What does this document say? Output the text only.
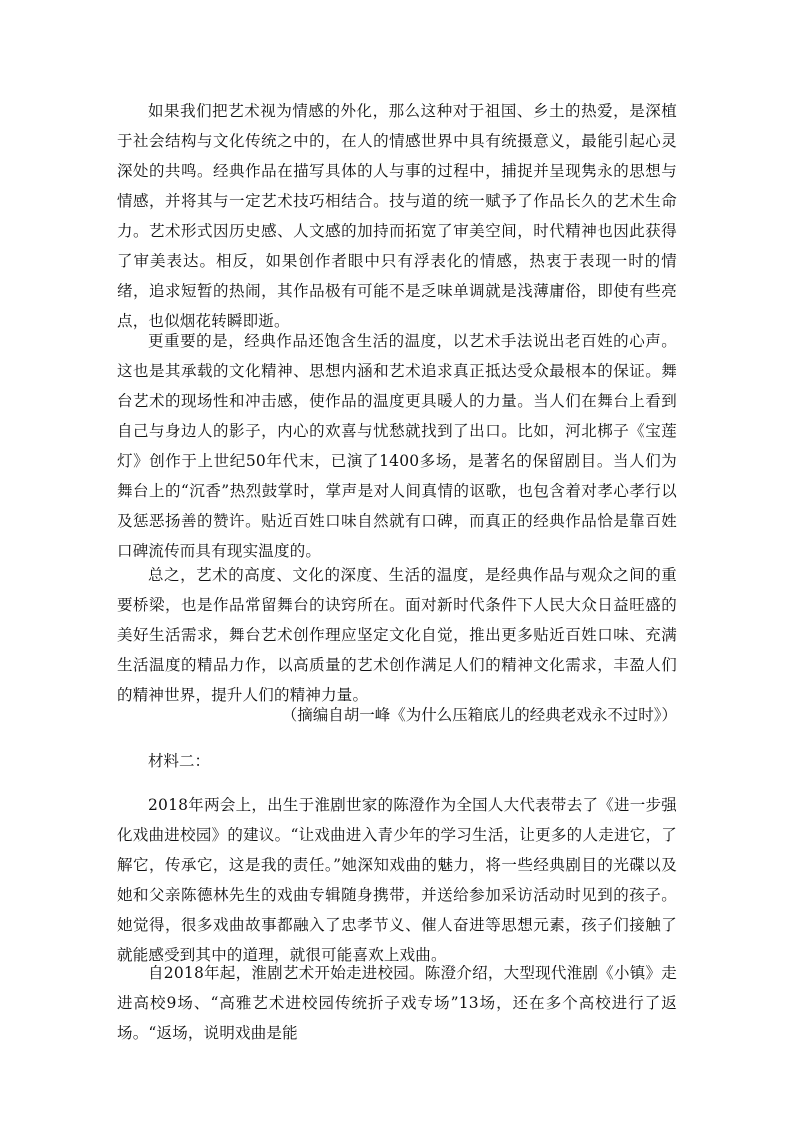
如果我们把艺术视为情感的外化，那么这种对于祖国、乡土的热爱，是深植于社会结构与文化传统之中的，在人的情感世界中具有统摄意义，最能引起心灵深处的共鸣。经典作品在描写具体的人与事的过程中，捕捉并呈现隽永的思想与情感，并将其与一定艺术技巧相结合。技与道的统一赋予了作品长久的艺术生命力。艺术形式因历史感、人文感的加持而拓宽了审美空间，时代精神也因此获得了审美表达。相反，如果创作者眼中只有浮表化的情感，热衷于表现一时的情绪，追求短暂的热闹，其作品极有可能不是乏味单调就是浅薄庸俗，即使有些亮点，也似烟花转瞬即逝。

更重要的是，经典作品还饱含生活的温度，以艺术手法说出老百姓的心声。这也是其承载的文化精神、思想内涵和艺术追求真正抵达受众最根本的保证。舞台艺术的现场性和冲击感，使作品的温度更具暖人的力量。当人们在舞台上看到自己与身边人的影子，内心的欢喜与忧愁就找到了出口。比如，河北梆子《宝莲灯》创作于上世纪50年代末，已演了1400多场，是著名的保留剧目。当人们为舞台上的“沉香”热烈鼓掌时，掌声是对人间真情的讴歌，也包含着对孝心孝行以及惩恶扬善的赞许。贴近百姓口味自然就有口碑，而真正的经典作品恰是靠百姓口碑流传而具有现实温度的。

总之，艺术的高度、文化的深度、生活的温度，是经典作品与观众之间的重要桥梁，也是作品常留舞台的诀窍所在。面对新时代条件下人民大众日益旺盛的美好生活需求，舞台艺术创作理应坚定文化自觉，推出更多贴近百姓口味、充满生活温度的精品力作，以高质量的艺术创作满足人们的精神文化需求，丰盈人们的精神世界，提升人们的精神力量。

（摘编自胡一峰《为什么压箱底儿的经典老戏永不过时》）
材料二：

2018年两会上，出生于淮剧世家的陈澄作为全国人大代表带去了《进一步强化戏曲进校园》的建议。“让戏曲进入青少年的学习生活，让更多的人走进它，了解它，传承它，这是我的责任。”她深知戏曲的魅力，将一些经典剧目的光碟以及她和父亲陈德林先生的戏曲专辑随身携带，并送给参加采访活动时见到的孩子。她觉得，很多戏曲故事都融入了忠孝节义、催人奋进等思想元素，孩子们接触了就能感受到其中的道理，就很可能喜欢上戏曲。

自2018年起，淮剧艺术开始走进校园。陈澄介绍，大型现代淮剧《小镇》走进高校9场、“高雅艺术进校园传统折子戏专场”13场，还在多个高校进行了返场。“返场，说明戏曲是能
